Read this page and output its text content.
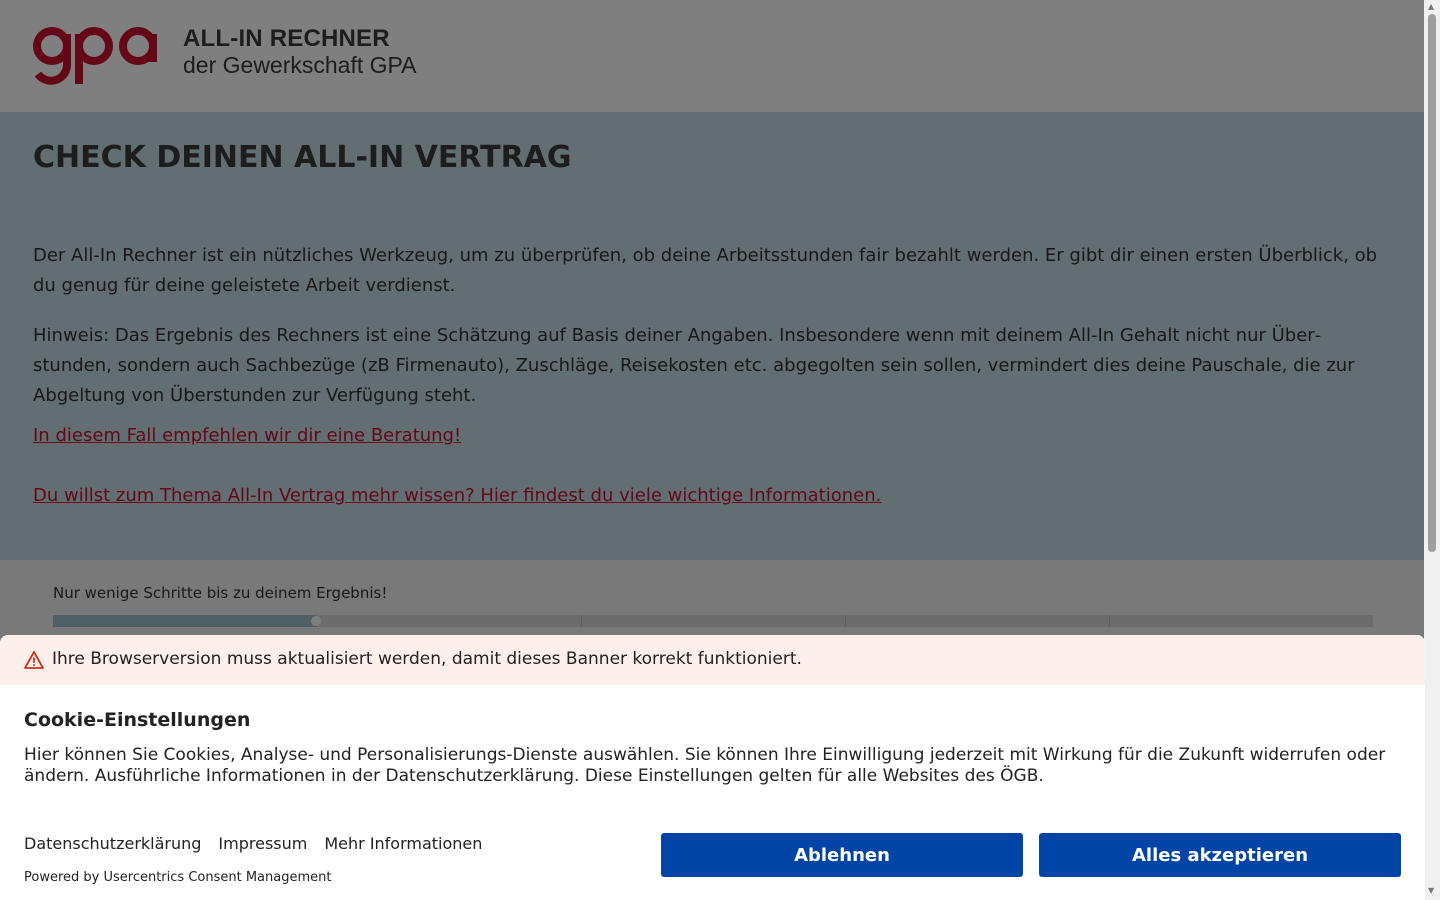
▲
▼
Ihre Browserversion muss aktualisiert werden, damit dieses Banner korrekt funktioniert.
Cookie-Einstellungen
Hier können Sie Cookies, Analyse- und Personalisierungs-Dienste auswählen. Sie können Ihre Einwilligung jederzeit mit Wirkung für die Zukunft widerrufen oder ändern. Ausführliche Informationen in der Datenschutzerklärung. Diese Einstellungen gelten für alle Websites des ÖGB.
Datenschutzerklärung Impressum Mehr Informationen
Powered by Usercentrics Consent Management
Ablehnen	Alles akzeptieren
